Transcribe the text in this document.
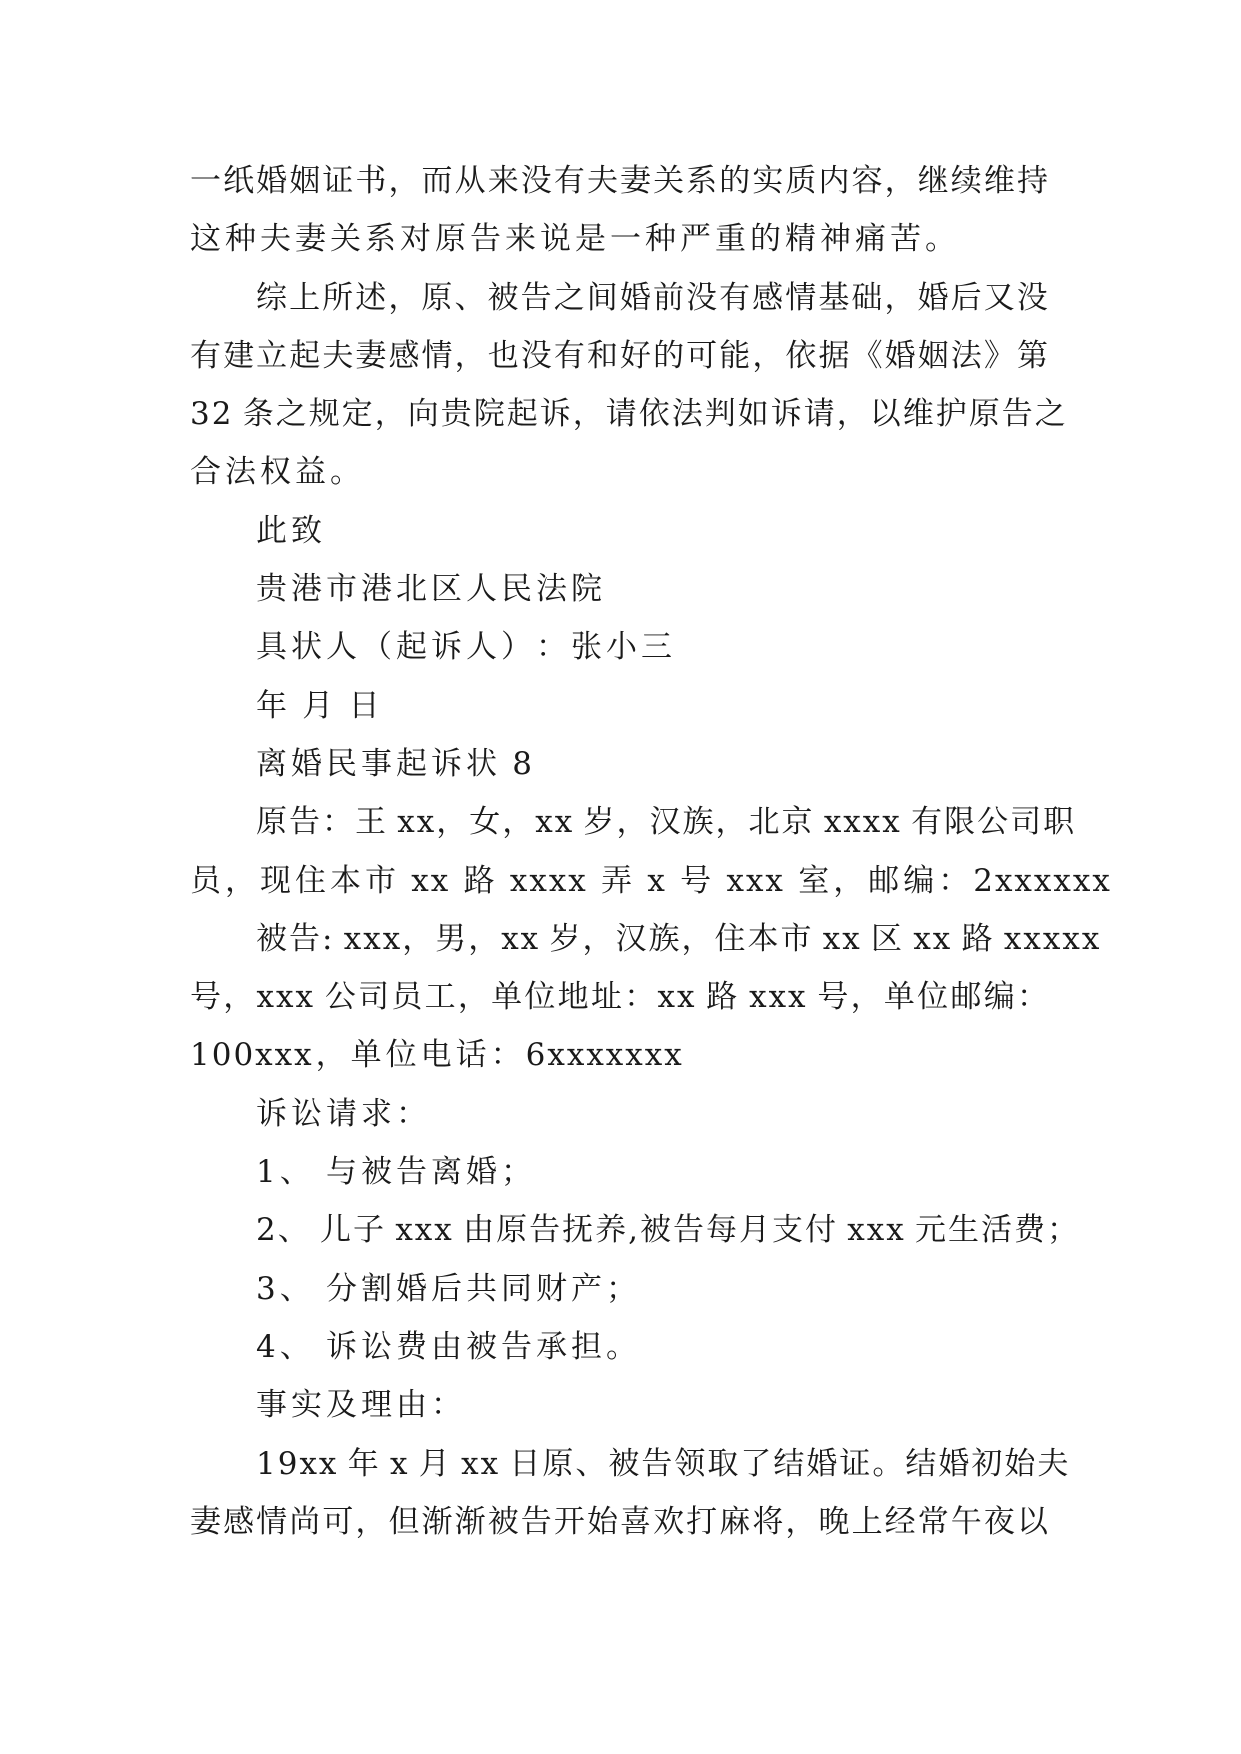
一 纸 婚 姻 证 书 ， 而 从 来 没 有 夫 妻 关 系 的 实 质 内 容 ， 继 续 维 持
这 种 夫 妻 关 系 对 原 告 来 说 是 一 种 严 重 的 精 神 痛 苦 。
综 上 所 述 ， 原 、 被 告 之 间 婚 前 没 有 感 情 基 础 ， 婚 后 又 没
有 建 立 起 夫 妻 感 情 ， 也 没 有 和 好 的 可 能 ， 依 据 《 婚 姻 法 》 第
32
条 之 规 定 ， 向 贵 院 起 诉 ， 请 依 法 判 如 诉 请 ， 以 维 护 原 告 之
合 法 权 益 。
此 致
贵 港 市 港 北 区 人 民 法 院
具 状 人 （ 起 诉 人 ） ： 张 小 三
年
月
日
离 婚 民 事 起 诉 状
8
原 告 ： 王
xx ， 女 ， xx
岁 ， 汉 族 ， 北 京
xxxx
有 限 公 司 职
员 ， 现 住 本 市
xx
路
xxxx
弄
x
号
xxx
室 ， 邮 编 ： 2xxxxxx
被 告 :
xxx ， 男 ， xx
岁 ， 汉 族 ， 住 本 市
xx
区
xx
路
xxxxx
号 ， xxx
公 司 员 工 ， 单 位 地 址 ： xx
路
xxx
号 ， 单 位 邮 编 ：
100xxx ， 单 位 电 话 ： 6xxxxxxx
诉 讼 请 求 ：
1 、
与 被 告 离 婚 ；
2 、
儿 子
xxx
由 原 告 抚 养 , 被 告 每 月 支 付
xxx
元 生 活 费 ；
3 、
分 割 婚 后 共 同 财 产 ；
4 、
诉 讼 费 由 被 告 承 担 。
事 实 及 理 由 ：
19xx
年
x
月
xx
日 原 、 被 告 领 取 了 结 婚 证 。 结 婚 初 始 夫
妻 感 情 尚 可 ， 但 渐 渐 被 告 开 始 喜 欢 打 麻 将 ， 晚 上 经 常 午 夜 以
